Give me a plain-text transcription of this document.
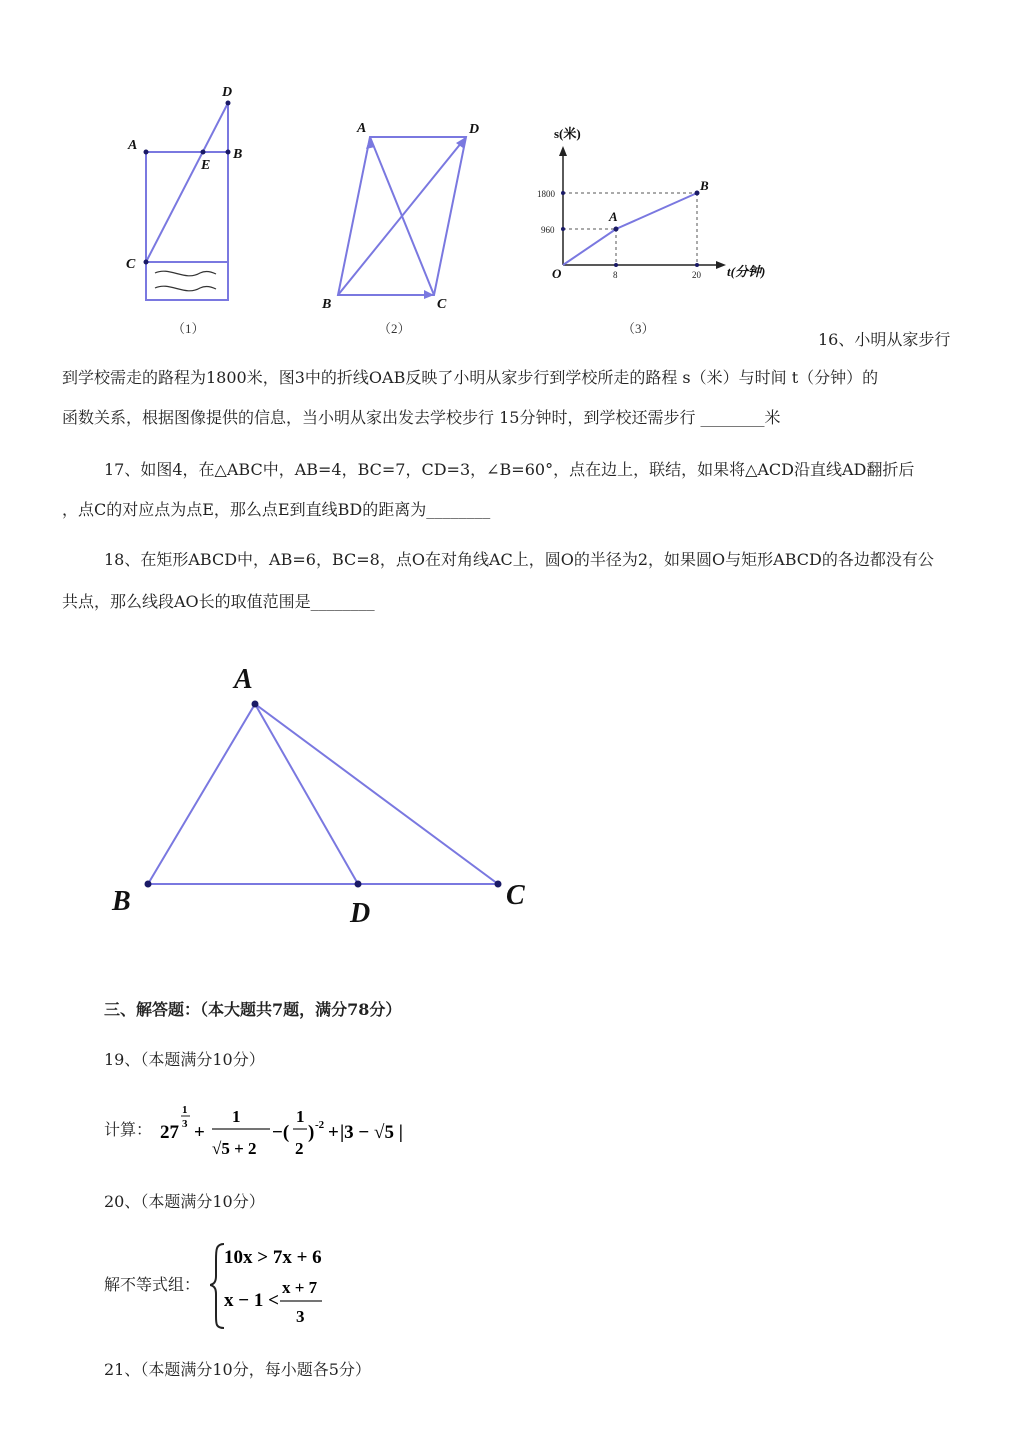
D
A
E
B
C
（1）
A	D
B	C
（2）
s(米)
t(分钟)
O
1800
960
8	20
A
B
（3）
16、小明从家步行
到学校需走的路程为1800米，图3中的折线OAB反映了小明从家步行到学校所走的路程 s（米）与时间 t（分钟）的
函数关系，根据图像提供的信息，当小明从家出发去学校步行 15分钟时，到学校还需步行 ________米
17、如图4，在△ABC中，AB=4，BC=7，CD=3，∠B=60°，点在边上，联结，如果将△ACD沿直线AD翻折后
，点C的对应点为点E，那么点E到直线BD的距离为________
18、在矩形ABCD中，AB=6，BC=8，点O在对角线AC上，圆O的半径为2，如果圆O与矩形ABCD的各边都没有公
共点，那么线段AO长的取值范围是________
A
B	D
C
三、解答题：（本大题共7题，满分78分）
19、（本题满分10分）
计算： 27
1
3 +
1
√5 + 2
−(
1
2
) -2 + |3 − √5 |
20、（本题满分10分）
解不等式组：
10x > 7x + 6
x − 1 <
x + 7
3
21、（本题满分10分，每小题各5分）
